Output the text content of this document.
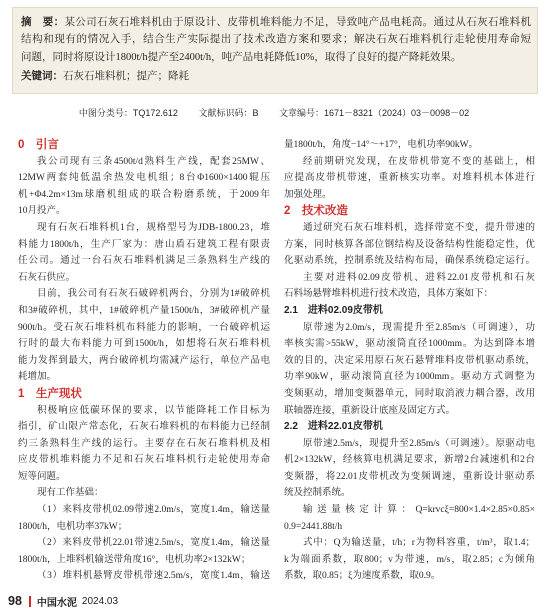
摘　要：某公司石灰石堆料机由于原设计、皮带机堆料能力不足，导致吨产品电耗高。通过从石灰石堆料机
结构和现有的情况入手，结合生产实际提出了技术改造方案和要求；解决石灰石堆料机行走轮使用寿命短
问题，同时将原设计1800t/h提产至2400t/h，吨产品电耗降低10%，取得了良好的提产降耗效果。
关键词：石灰石堆料机；提产；降耗
中图分类号：TQ172.612 文献标识码：B 文章编号：1671－8321（2024）03－0098－02
0　引言
我公司现有三条4500t/d熟料生产线，配套25MW、
12MW两套纯低温余热发电机组；8台Φ1600×1400辊压
机+Φ4.2m×13m球磨机组成的联合粉磨系统，于2009年
10月投产。
现有石灰石堆料机1台，规格型号为JDB-1800.23，堆
料能力1800t/h，生产厂家为：唐山盾石建筑工程有限责
任公司。通过一台石灰石堆料机满足三条熟料生产线的
石灰石供应。
目前，我公司有石灰石破碎机两台，分别为1#破碎机
和3#破碎机，其中，1#破碎机产量1500t/h，3#破碎机产量
900t/h。受石灰石堆料机布料能力的影响，一台破碎机运
行时的最大布料能力可到1500t/h，如想将石灰石堆料机
能力发挥到最大，两台破碎机均需减产运行，单位产品电
耗增加。
1　生产现状
积极响应低碳环保的要求，以节能降耗工作目标为
指引，矿山限产常态化，石灰石堆料机的布料能力已经制
约三条熟料生产线的运行。主要存在石灰石堆料机及相
应皮带机堆料能力不足和石灰石堆料机行走轮使用寿命
短等问题。
现有工作基础：
（1）来料皮带机02.09带速2.0m/s，宽度1.4m，输送量
1800t/h，电机功率37kW；
（2）来料皮带机22.01带速2.5m/s，宽度1.4m，输送量
1800t/h，上堆料机输送带角度16°，电机功率2×132kW；
（3）堆料机悬臂皮带机带速2.5m/s，宽度1.4m，输送
量1800t/h，角度−14°～+17°，电机功率90kW。
经前期研究发现，在皮带机带宽不变的基础上，相
应提高皮带机带速，重新核实功率。对堆料机本体进行
加强处理。
2　技术改造
通过研究石灰石堆料机，选择带宽不变，提升带速的
方案，同时核算各部位钢结构及设备结构性能稳定性，优
化驱动系统，控制系统及结构布局，确保系统稳定运行。
主要对进料02.09皮带机、进料22.01皮带机和石灰
石料场悬臂堆料机进行技术改造，具体方案如下：
2.1　进料02.09皮带机
原带速为2.0m/s，现需提升至2.85m/s（可调速），功
率核实需>55kW，驱动滚筒直径1000mm。为达到降本增
效的目的，决定采用原石灰石悬臂堆料皮带机驱动系统，
功率90kW，驱动滚筒直径为1000mm。驱动方式调整为
变频驱动，增加变频器单元，同时取消液力耦合器，改用
联轴器连接，重新设计底座及固定方式。
2.2　进料22.01皮带机
原带速2.5m/s，现提升至2.85m/s（可调速）。原驱动电
机2×132kW，经核算电机满足要求，新增2台减速机和2台
变频器，将22.01皮带机改为变频调速，重新设计驱动系
统及控制系统。
输送量核定计算：Q=krvcξ=800×1.4×2.85×0.85×
0.9=2441.88t/h
式中：Q为输送量，t/h；r为物料容重，t/m³，取1.4；
k为端面系数，取800；v为带速，m/s，取2.85；c为倾角
系数，取0.85；ξ为速度系数，取0.9。
98 中国水泥 2024.03
